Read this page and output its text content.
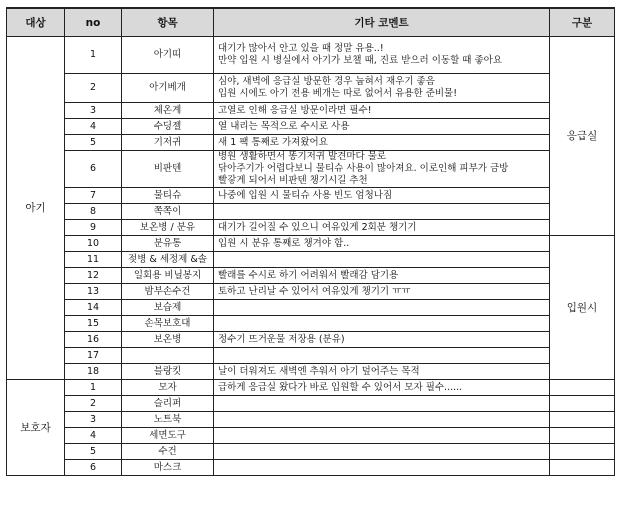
대상	no	항목	기타 코멘트	구분
아기	1	아기띠	대기가 많아서 안고 있을 때 정말 유용..!
만약 입원 시 병실에서 아기가 보챌 때, 진료 받으러 이동할 때 좋아요	응급실
	2	아기베개	심야, 새벽에 응급실 방문한 경우 눕혀서 재우기 좋음
입원 시에도 아기 전용 베개는 따로 없어서 유용한 준비물!	

	3	체온계	고열로 인해 응급실 방문이라면 필수!	

	4	수딩젤	열 내리는 목적으로 수시로 사용	

	5	기저귀	새 1 팩 통째로 가져왔어요	

	6	비판텐	병원 생활하면서 똥기저귀 발견마다 물로
닦아주기가 어렵다보니 물티슈 사용이 많아져요. 이로인해 피부가 금방
빨갛게 되어서 비판텐 챙기시길 추천	

	7	물티슈	나중에 입원 시 물티슈 사용 빈도 엄청나짐	

	8	쪽쪽이		

	9	보온병 / 분유	대기가 길어질 수 있으니 여유있게 2회분 챙기기	

	10	분유통	입원 시 분유 통째로 챙겨야 함..	입원시
	11	젖병 & 세정제 &솔		

	12	일회용 비닐봉지	빨래를 수시로 하기 어려워서 빨래감 담기용	

	13	밤부손수건	토하고 난리날 수 있어서 여유있게 챙기기 ㅠㅠ	

	14	보습제		

	15	손목보호대		

	16	보온병	정수기 뜨거운물 저장용 (분유)	

	17			

	18	블랑킷	날이 더워져도 새벽엔 추워서 아기 덮어주는 목적	

보호자	1	모자	급하게 응급실 왔다가 바로 입원할 수 있어서 모자 필수......	

	2	슬리퍼	

	3	노트북	

	4	세면도구	

	5	수건	

	6	마스크	
